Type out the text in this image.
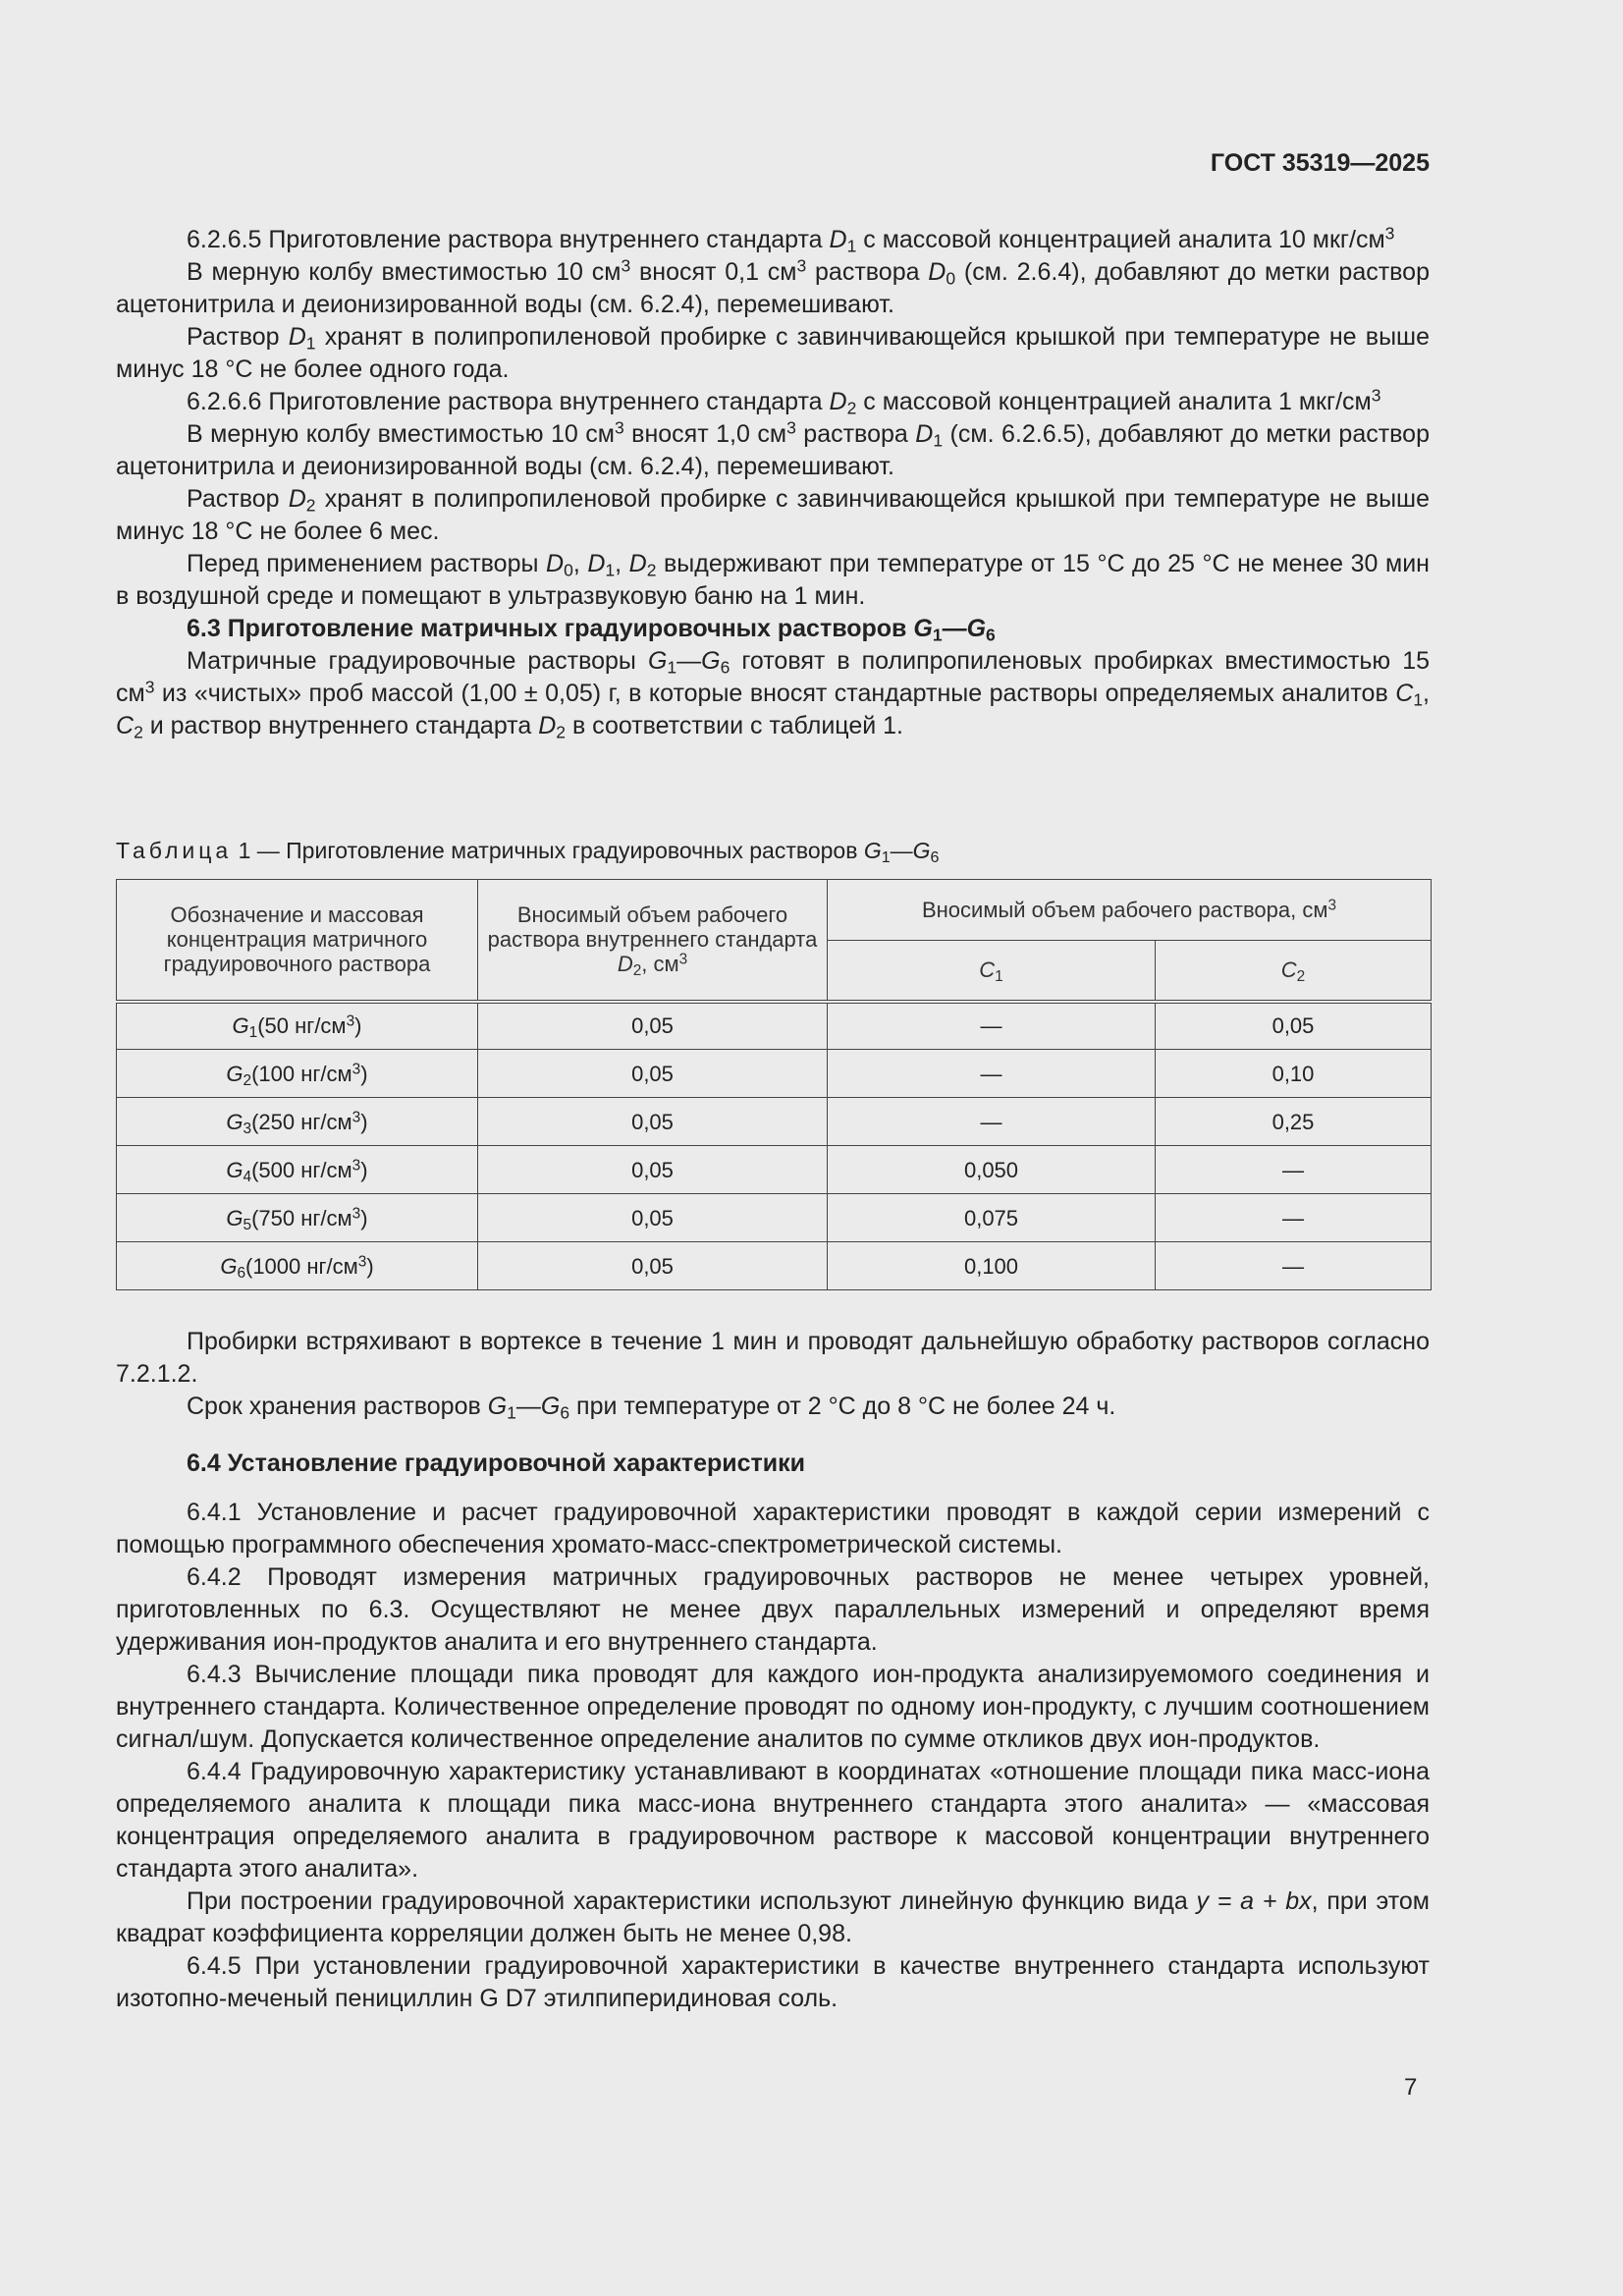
ГОСТ 35319—2025

6.2.6.5 Приготовление раствора внутреннего стандарта $D_1$ с массовой концентрацией аналита 10 мкг/$см^3$

В мерную колбу вместимостью 10 $см^3$ вносят 0,1 $см^3$ раствора $D_0$ (см. 2.6.4), добавляют до метки раствор ацетонитрила и деионизированной воды (см. 6.2.4), перемешивают.

Раствор $D_1$ хранят в полипропиленовой пробирке с завинчивающейся крышкой при температуре не выше минус 18 °С не более одного года.

6.2.6.6 Приготовление раствора внутреннего стандарта $D_2$ с массовой концентрацией аналита 1 мкг/$см^3$

В мерную колбу вместимостью 10 $см^3$ вносят 1,0 $см^3$ раствора $D_1$ (см. 6.2.6.5), добавляют до метки раствор ацетонитрила и деионизированной воды (см. 6.2.4), перемешивают.

Раствор $D_2$ хранят в полипропиленовой пробирке с завинчивающейся крышкой при температуре не выше минус 18 °С не более 6 мес.

Перед применением растворы $D_0$, $D_1$, $D_2$ выдерживают при температуре от 15 °С до 25 °С не менее 30 мин в воздушной среде и помещают в ультразвуковую баню на 1 мин.

6.3 Приготовление матричных градуировочных растворов $G_1—G_6$

Матричные градуировочные растворы $G_1—G_6$ готовят в полипропиленовых пробирках вместимостью 15 $см^3$ из «чистых» проб массой (1,00 ± 0,05) г, в которые вносят стандартные растворы определяемых аналитов $C_1$, $C_2$ и раствор внутреннего стандарта $D_2$ в соответствии с таблицей 1.

Таблица 1 — Приготовление матричных градуировочных растворов $G_1—G_6$
Обозначение и массовая концентрация матричного градуировочного раствора	Вносимый объем рабочего раствора внутреннего стандарта $D_2$, $см^3$	Вносимый объем рабочего раствора, $см^3$
		$C_1$	$C_2$
$G_1(50$ $нг/см^3$)	0,05	—	0,05
$G_2(100$ $нг/см^3$)	0,05	—	0,10
$G_3(250$ $нг/см^3$)	0,05	—	0,25
$G_4(500$ $нг/см^3$)	0,05	0,050	—
$G_5(750$ $нг/см^3$)	0,05	0,075	—
$G_6(1000$ $нг/см^3$)	0,05	0,100	—

Пробирки встряхивают в вортексе в течение 1 мин и проводят дальнейшую обработку растворов согласно 7.2.1.2.

Срок хранения растворов $G_1—G_6$ при температуре от 2 °С до 8 °С не более 24 ч.

6.4 Установление градуировочной характеристики

6.4.1 Установление и расчет градуировочной характеристики проводят в каждой серии измерений с помощью программного обеспечения хромато-масс-спектрометрической системы.

6.4.2 Проводят измерения матричных градуировочных растворов не менее четырех уровней, приготовленных по 6.3. Осуществляют не менее двух параллельных измерений и определяют время удерживания ион-продуктов аналита и его внутреннего стандарта.

6.4.3 Вычисление площади пика проводят для каждого ион-продукта анализируемомого соединения и внутреннего стандарта. Количественное определение проводят по одному ион-продукту, с лучшим соотношением сигнал/шум. Допускается количественное определение аналитов по сумме откликов двух ион-продуктов.

6.4.4 Градуировочную характеристику устанавливают в координатах «отношение площади пика масс-иона определяемого аналита к площади пика масс-иона внутреннего стандарта этого аналита» — «массовая концентрация определяемого аналита в градуировочном растворе к массовой концентрации внутреннего стандарта этого аналита».

При построении градуировочной характеристики используют линейную функцию вида y = a + bx, при этом квадрат коэффициента корреляции должен быть не менее 0,98.

6.4.5 При установлении градуировочной характеристики в качестве внутреннего стандарта используют изотопно-меченый пенициллин G D7 этилпиперидиновая соль.

7
